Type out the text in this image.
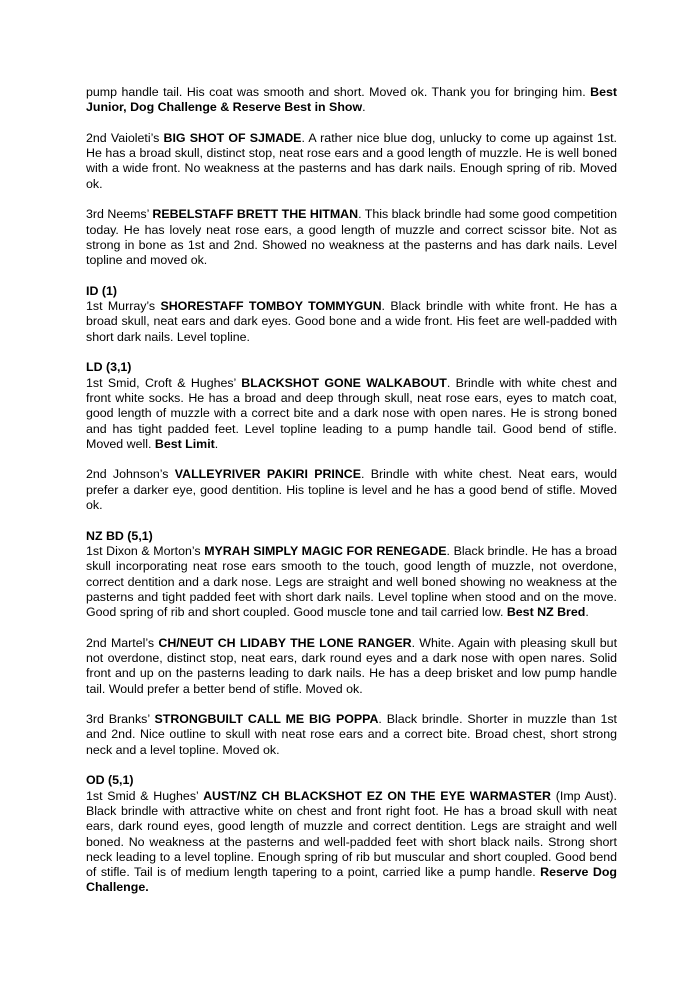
pump handle tail. His coat was smooth and short. Moved ok. Thank you for bringing him. Best Junior, Dog Challenge & Reserve Best in Show.

2nd Vaioleti’s BIG SHOT OF SJMADE. A rather nice blue dog, unlucky to come up against 1st. He has a broad skull, distinct stop, neat rose ears and a good length of muzzle. He is well boned with a wide front. No weakness at the pasterns and has dark nails. Enough spring of rib. Moved ok.

3rd Neems’ REBELSTAFF BRETT THE HITMAN. This black brindle had some good competition today. He has lovely neat rose ears, a good length of muzzle and correct scissor bite. Not as strong in bone as 1st and 2nd. Showed no weakness at the pasterns and has dark nails. Level topline and moved ok.

ID (1)

1st Murray’s SHORESTAFF TOMBOY TOMMYGUN. Black brindle with white front. He has a broad skull, neat ears and dark eyes. Good bone and a wide front. His feet are well-padded with short dark nails. Level topline.

LD (3,1)

1st Smid, Croft & Hughes’ BLACKSHOT GONE WALKABOUT. Brindle with white chest and front white socks. He has a broad and deep through skull, neat rose ears, eyes to match coat, good length of muzzle with a correct bite and a dark nose with open nares. He is strong boned and has tight padded feet. Level topline leading to a pump handle tail. Good bend of stifle. Moved well. Best Limit.

2nd Johnson’s VALLEYRIVER PAKIRI PRINCE. Brindle with white chest. Neat ears, would prefer a darker eye, good dentition. His topline is level and he has a good bend of stifle. Moved ok.

NZ BD (5,1)

1st Dixon & Morton’s MYRAH SIMPLY MAGIC FOR RENEGADE. Black brindle. He has a broad skull incorporating neat rose ears smooth to the touch, good length of muzzle, not overdone, correct dentition and a dark nose. Legs are straight and well boned showing no weakness at the pasterns and tight padded feet with short dark nails. Level topline when stood and on the move. Good spring of rib and short coupled. Good muscle tone and tail carried low. Best NZ Bred.

2nd Martel’s CH/NEUT CH LIDABY THE LONE RANGER. White. Again with pleasing skull but not overdone, distinct stop, neat ears, dark round eyes and a dark nose with open nares. Solid front and up on the pasterns leading to dark nails. He has a deep brisket and low pump handle tail. Would prefer a better bend of stifle. Moved ok.

3rd Branks’ STRONGBUILT CALL ME BIG POPPA. Black brindle. Shorter in muzzle than 1st and 2nd. Nice outline to skull with neat rose ears and a correct bite. Broad chest, short strong neck and a level topline. Moved ok.

OD (5,1)

1st Smid & Hughes’ AUST/NZ CH BLACKSHOT EZ ON THE EYE WARMASTER (Imp Aust). Black brindle with attractive white on chest and front right foot. He has a broad skull with neat ears, dark round eyes, good length of muzzle and correct dentition. Legs are straight and well boned. No weakness at the pasterns and well-padded feet with short black nails. Strong short neck leading to a level topline. Enough spring of rib but muscular and short coupled. Good bend of stifle. Tail is of medium length tapering to a point, carried like a pump handle. Reserve Dog Challenge.
